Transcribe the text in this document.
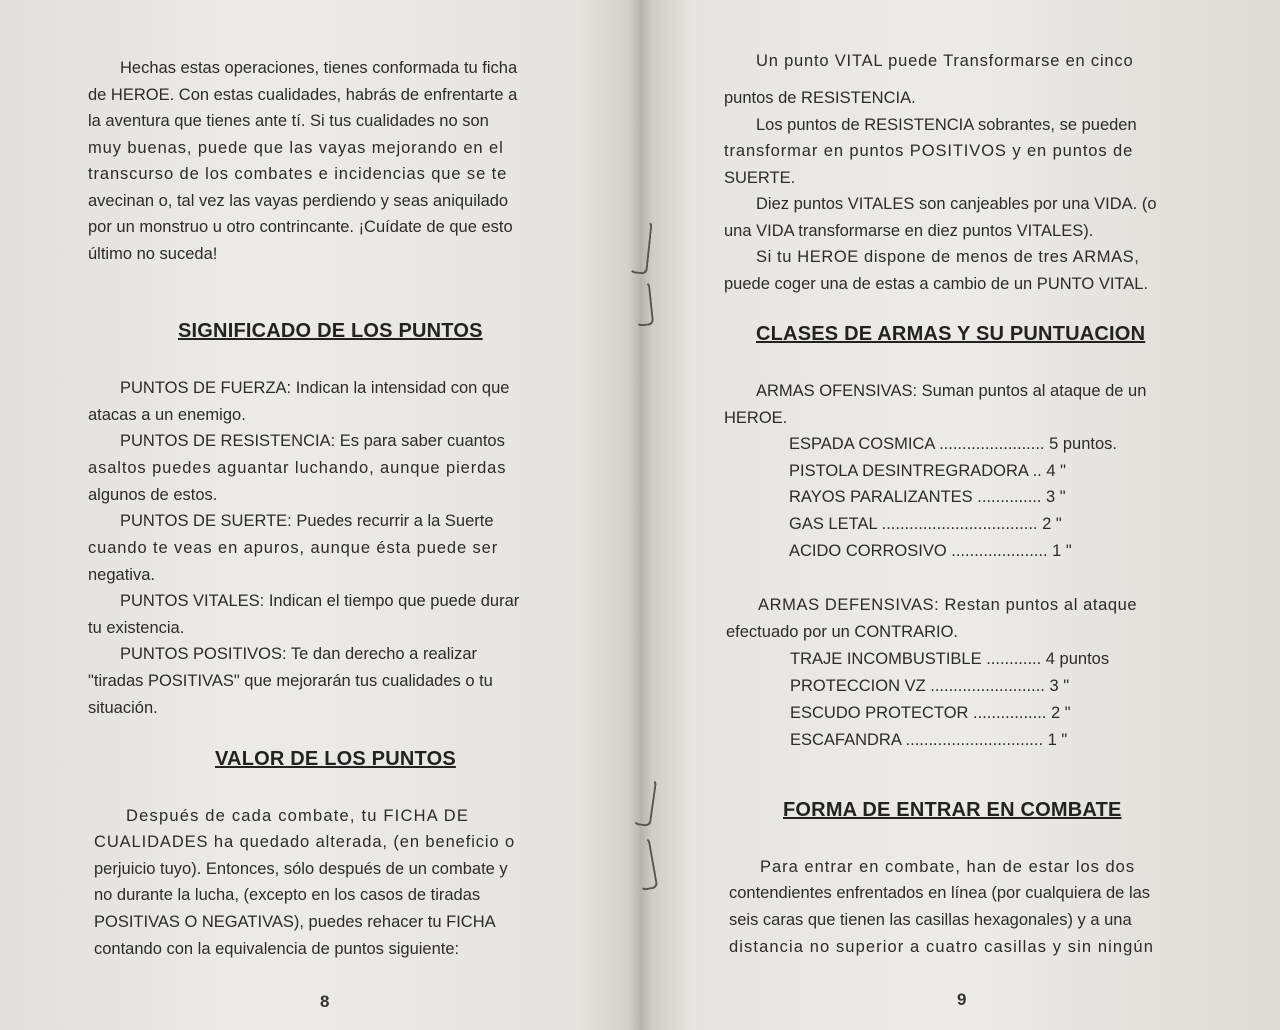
Hechas estas operaciones, tienes conformada tu ficha
de HEROE. Con estas cualidades, habrás de enfrentarte a
la aventura que tienes ante tí. Si tus cualidades no son
muy buenas, puede que las vayas mejorando en el
transcurso de los combates e incidencias que se te
avecinan o, tal vez las vayas perdiendo y seas aniquilado
por un monstruo u otro contrincante. ¡Cuídate de que esto
último no suceda!
SIGNIFICADO DE LOS PUNTOS
PUNTOS DE FUERZA: Indican la intensidad con que
atacas a un enemigo.
PUNTOS DE RESISTENCIA: Es para saber cuantos
asaltos puedes aguantar luchando, aunque pierdas
algunos de estos.
PUNTOS DE SUERTE: Puedes recurrir a la Suerte
cuando te veas en apuros, aunque ésta puede ser
negativa.
PUNTOS VITALES: Indican el tiempo que puede durar
tu existencia.
PUNTOS POSITIVOS: Te dan derecho a realizar
"tiradas POSITIVAS" que mejorarán tus cualidades o tu
situación.
VALOR DE LOS PUNTOS
Después de cada combate, tu FICHA DE
CUALIDADES ha quedado alterada, (en beneficio o
perjuicio tuyo). Entonces, sólo después de un combate y
no durante la lucha, (excepto en los casos de tiradas
POSITIVAS O NEGATIVAS), puedes rehacer tu FICHA
contando con la equivalencia de puntos siguiente:
8
Un punto VITAL puede Transformarse en cinco
puntos de RESISTENCIA.
Los puntos de RESISTENCIA sobrantes, se pueden
transformar en puntos POSITIVOS y en puntos de
SUERTE.
Diez puntos VITALES son canjeables por una VIDA. (o
una VIDA transformarse en diez puntos VITALES).
Si tu HEROE dispone de menos de tres ARMAS,
puede coger una de estas a cambio de un PUNTO VITAL.
CLASES DE ARMAS Y SU PUNTUACION
ARMAS OFENSIVAS: Suman puntos al ataque de un
HEROE.
ESPADA COSMICA ....................... 5 puntos.
PISTOLA DESINTREGRADORA .. 4 "
RAYOS PARALIZANTES .............. 3 "
GAS LETAL .................................. 2 "
ACIDO CORROSIVO ..................... 1 "
ARMAS DEFENSIVAS: Restan puntos al ataque
efectuado por un CONTRARIO.
TRAJE INCOMBUSTIBLE ............ 4 puntos
PROTECCION VZ ......................... 3 "
ESCUDO PROTECTOR ................ 2 "
ESCAFANDRA .............................. 1 "
FORMA DE ENTRAR EN COMBATE
Para entrar en combate, han de estar los dos
contendientes enfrentados en línea (por cualquiera de las
seis caras que tienen las casillas hexagonales) y a una
distancia no superior a cuatro casillas y sin ningún
9
